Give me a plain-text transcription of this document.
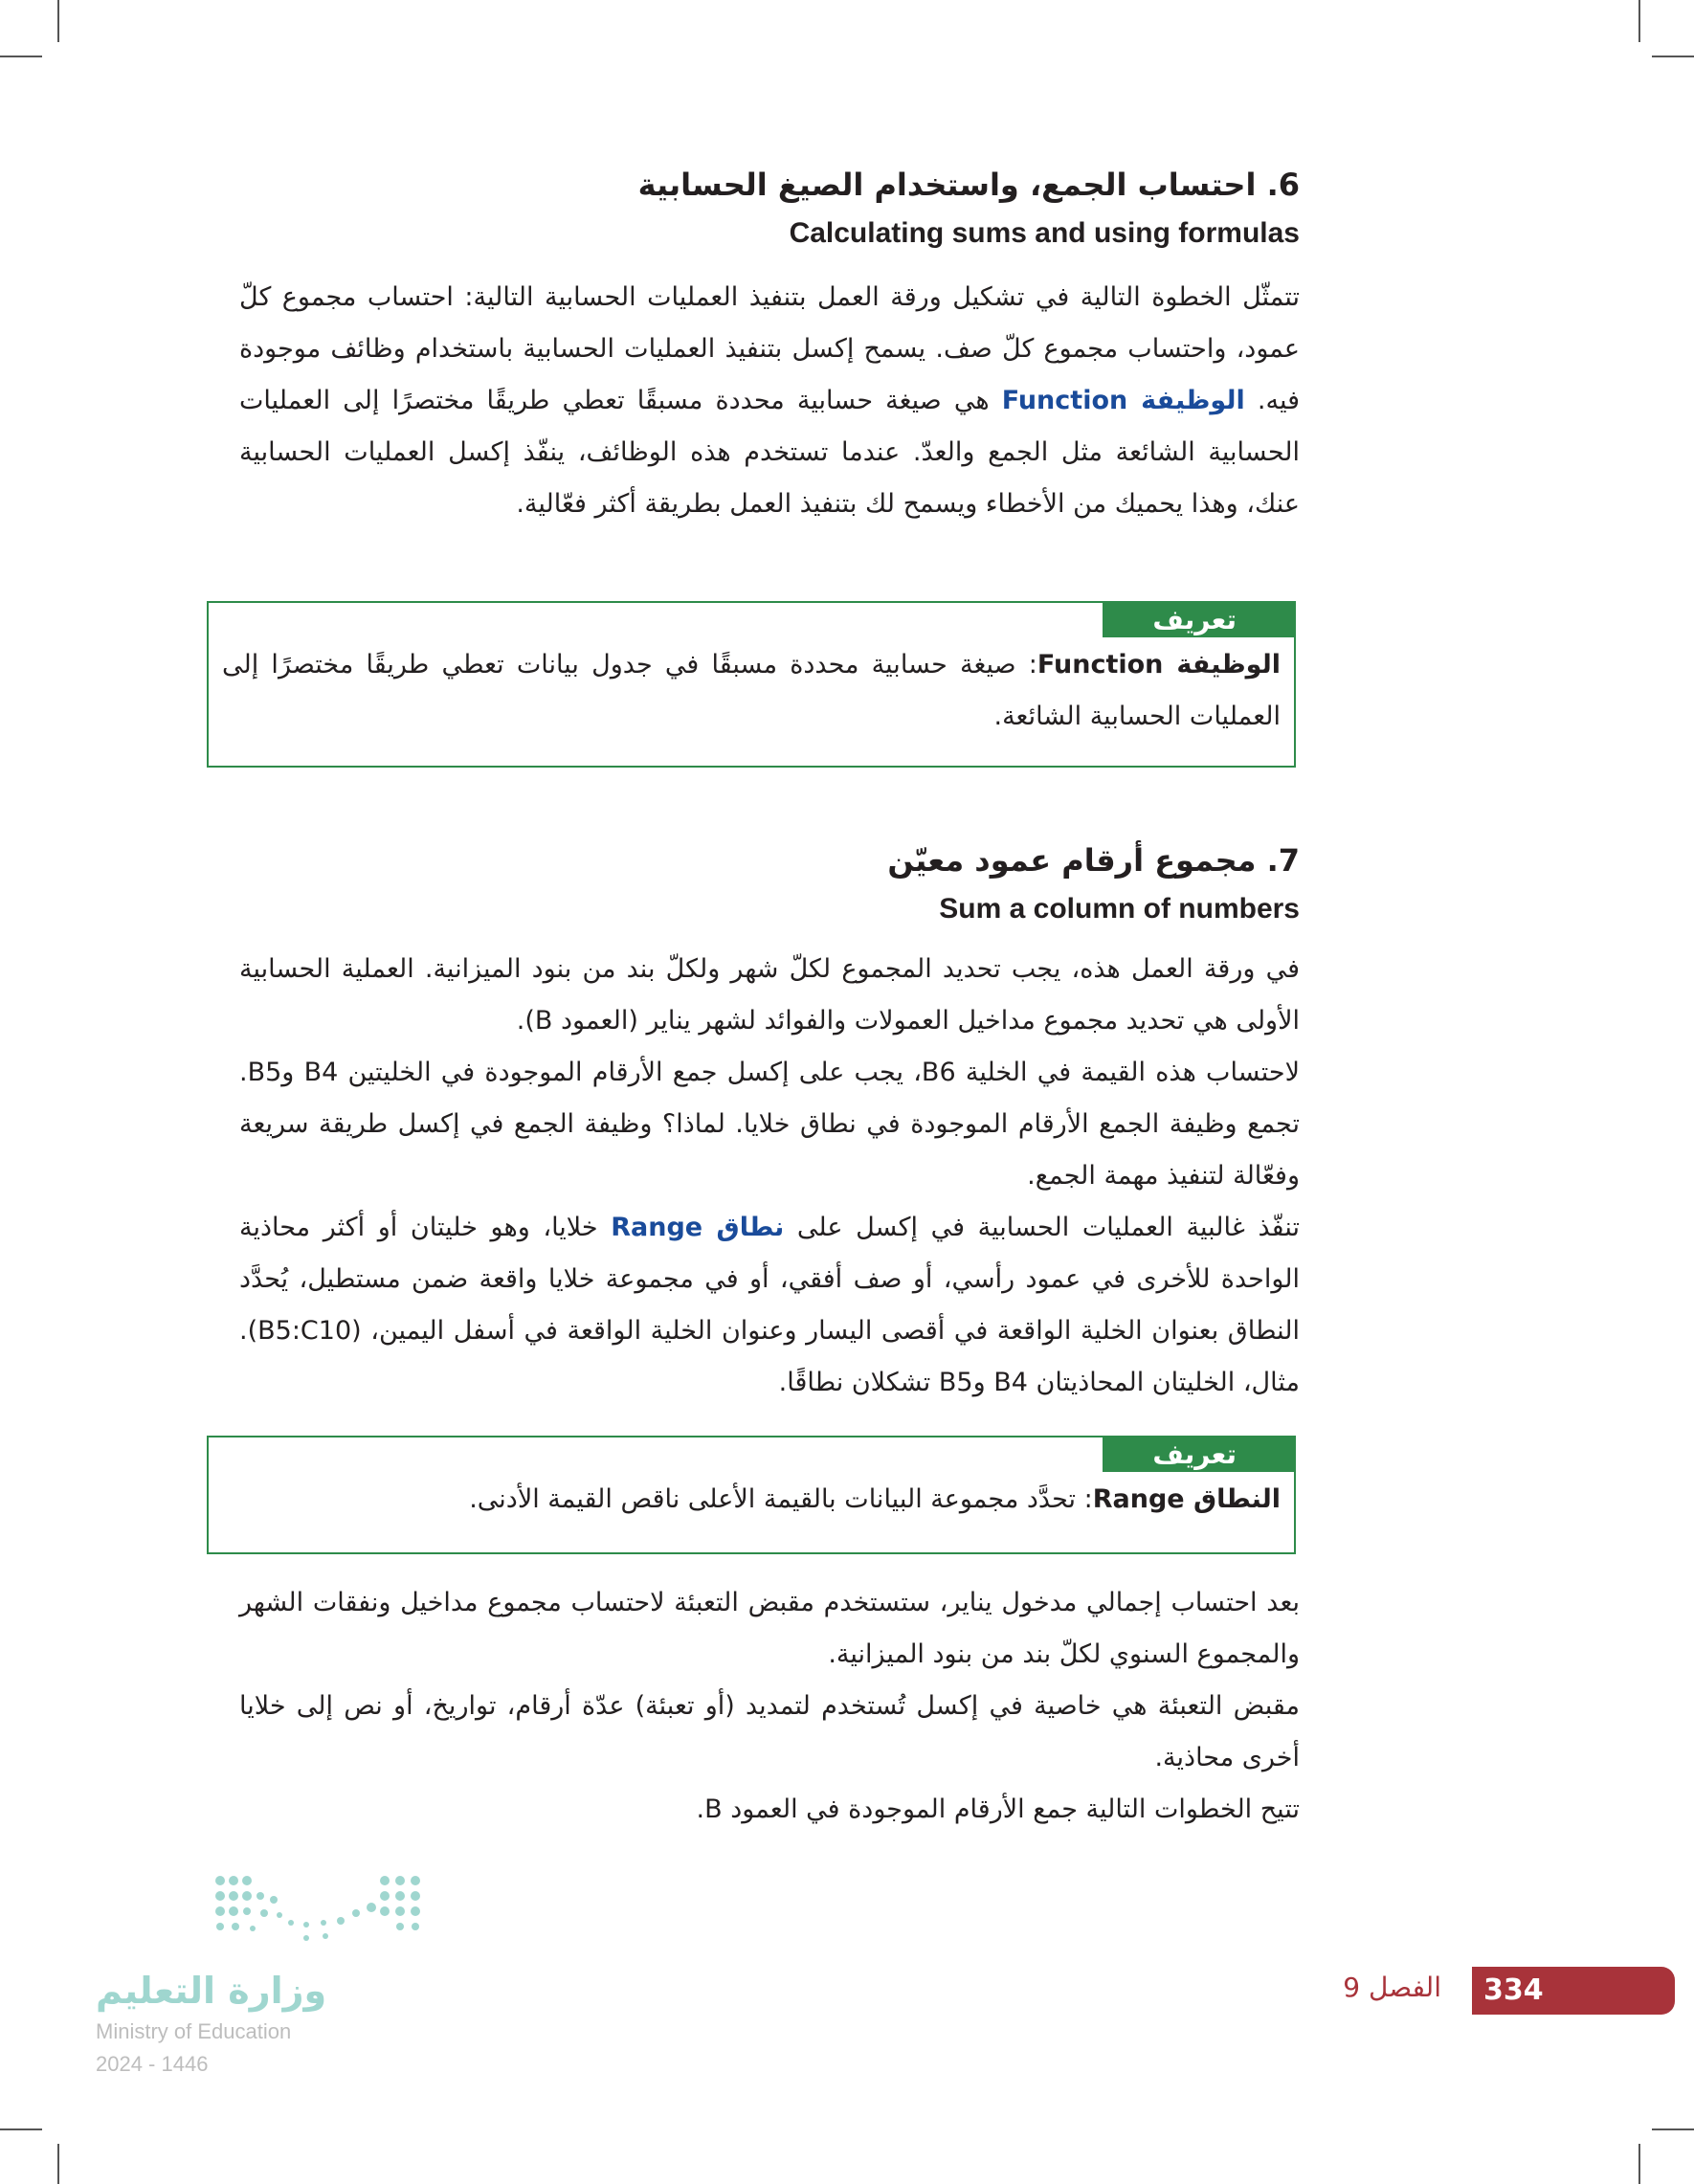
6. احتساب الجمع، واستخدام الصيغ الحسابية
Calculating sums and using formulas

تتمثّل الخطوة التالية في تشكيل ورقة العمل بتنفيذ العمليات الحسابية التالية: احتساب مجموع كلّ عمود، واحتساب مجموع كلّ صف. يسمح إكسل بتنفيذ العمليات الحسابية باستخدام وظائف موجودة فيه. الوظيفة Function هي صيغة حسابية محددة مسبقًا تعطي طريقًا مختصرًا إلى العمليات الحسابية الشائعة مثل الجمع والعدّ. عندما تستخدم هذه الوظائف، ينفّذ إكسل العمليات الحسابية عنك، وهذا يحميك من الأخطاء ويسمح لك بتنفيذ العمل بطريقة أكثر فعّالية.

تعريف
الوظيفة Function: صيغة حسابية محددة مسبقًا في جدول بيانات تعطي طريقًا مختصرًا إلى العمليات الحسابية الشائعة.
7. مجموع أرقام عمود معيّن
Sum a column of numbers

في ورقة العمل هذه، يجب تحديد المجموع لكلّ شهر ولكلّ بند من بنود الميزانية. العملية الحسابية الأولى هي تحديد مجموع مداخيل العمولات والفوائد لشهر يناير (العمود B).

لاحتساب هذه القيمة في الخلية B6، يجب على إكسل جمع الأرقام الموجودة في الخليتين B4 وB5. تجمع وظيفة الجمع الأرقام الموجودة في نطاق خلايا. لماذا؟ وظيفة الجمع في إكسل طريقة سريعة وفعّالة لتنفيذ مهمة الجمع.

تنفّذ غالبية العمليات الحسابية في إكسل على نطاق Range خلايا، وهو خليتان أو أكثر محاذية الواحدة للأخرى في عمود رأسي، أو صف أفقي، أو في مجموعة خلايا واقعة ضمن مستطيل، يُحدَّد النطاق بعنوان الخلية الواقعة في أقصى اليسار وعنوان الخلية الواقعة في أسفل اليمين، (B5:C10). مثال، الخليتان المحاذيتان B4 وB5 تشكلان نطاقًا.

تعريف
النطاق Range: تحدَّد مجموعة البيانات بالقيمة الأعلى ناقص القيمة الأدنى.

بعد احتساب إجمالي مدخول يناير، ستستخدم مقبض التعبئة لاحتساب مجموع مداخيل ونفقات الشهر والمجموع السنوي لكلّ بند من بنود الميزانية.

مقبض التعبئة هي خاصية في إكسل تُستخدم لتمديد (أو تعبئة) عدّة أرقام، تواريخ، أو نص إلى خلايا أخرى محاذية.

تتيح الخطوات التالية جمع الأرقام الموجودة في العمود B.

وزارة التعليم
Ministry of Education
2024 - 1446
الفصل 9 334
